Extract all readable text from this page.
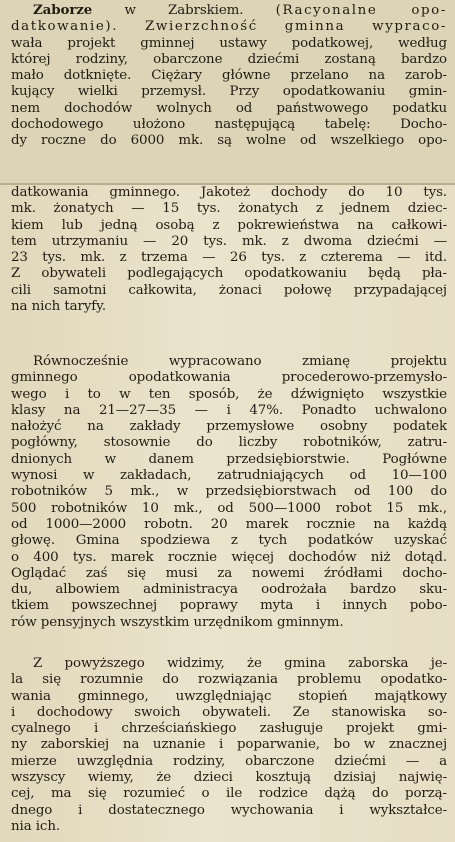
Zaborze w Zabrskiem. (Racyonalne opo-

datkowanie). Zwierzchność gminna wypraco-
wała projekt gminnej ustawy podatkowej, według
której rodziny, obarczone dziećmi zostaną bardzo
mało dotknięte. Ciężary główne przelano na zarob-
kujący wielki przemysł. Przy opodatkowaniu gmin-
nem dochodów wolnych od państwowego podatku
dochodowego ułożono następującą tabelę: Docho-
dy roczne do 6000 mk. są wolne od wszelkiego opo-
datkowania gminnego. Jakoteż dochody do 10 tys.
mk. żonatych — 15 tys. żonatych z jednem dziec-
kiem lub jedną osobą z pokrewieństwa na całkowi-
tem utrzymaniu — 20 tys. mk. z dwoma dziećmi —
23 tys. mk. z trzema — 26 tys. z czterema — itd.
Z obywateli podlegających opodatkowaniu będą pła-
cili samotni całkowita, żonaci połowę przypadającej
na nich taryfy.
Równocześnie wypracowano zmianę projektu
gminnego opodatkowania procederowo-przemysło-
wego i to w ten sposób, że dźwignięto wszystkie
klasy na 21—27—35 — i 47%. Ponadto uchwalono
nałożyć na zakłady przemysłowe osobny podatek
pogłówny, stosownie do liczby robotników, zatru-
dnionych w danem przedsiębiorstwie. Pogłówne
wynosi w zakładach, zatrudniających od 10—100
robotników 5 mk., w przedsiębiorstwach od 100 do
500 robotników 10 mk., od 500—1000 robot 15 mk.,
od 1000—2000 robotn. 20 marek rocznie na każdą
głowę. Gmina spodziewa z tych podatków uzyskać
o 400 tys. marek rocznie więcej dochodów niż dotąd.
Oglądać zaś się musi za nowemi źródłami docho-
du, albowiem administracya oodrożała bardzo sku-
tkiem powszechnej poprawy myta i innych pobo-
rów pensyjnych wszystkim urzędnikom gminnym.
Z powyższego widzimy, że gmina zaborska je-
la się rozumnie do rozwiązania problemu opodatko-
wania gminnego, uwzględniając stopień majątkowy
i dochodowy swoich obywateli. Ze stanowiska so-
cyalnego i chrześciańskiego zasługuje projekt gmi-
ny zaborskiej na uznanie i poparwanie, bo w znacznej
mierze uwzględnia rodziny, obarczone dziećmi — a
wszyscy wiemy, że dzieci kosztują dzisiaj najwię-
cej, ma się rozumieć o ile rodzice dążą do porzą-
dnego i dostatecznego wychowania i wykształce-
nia ich.
